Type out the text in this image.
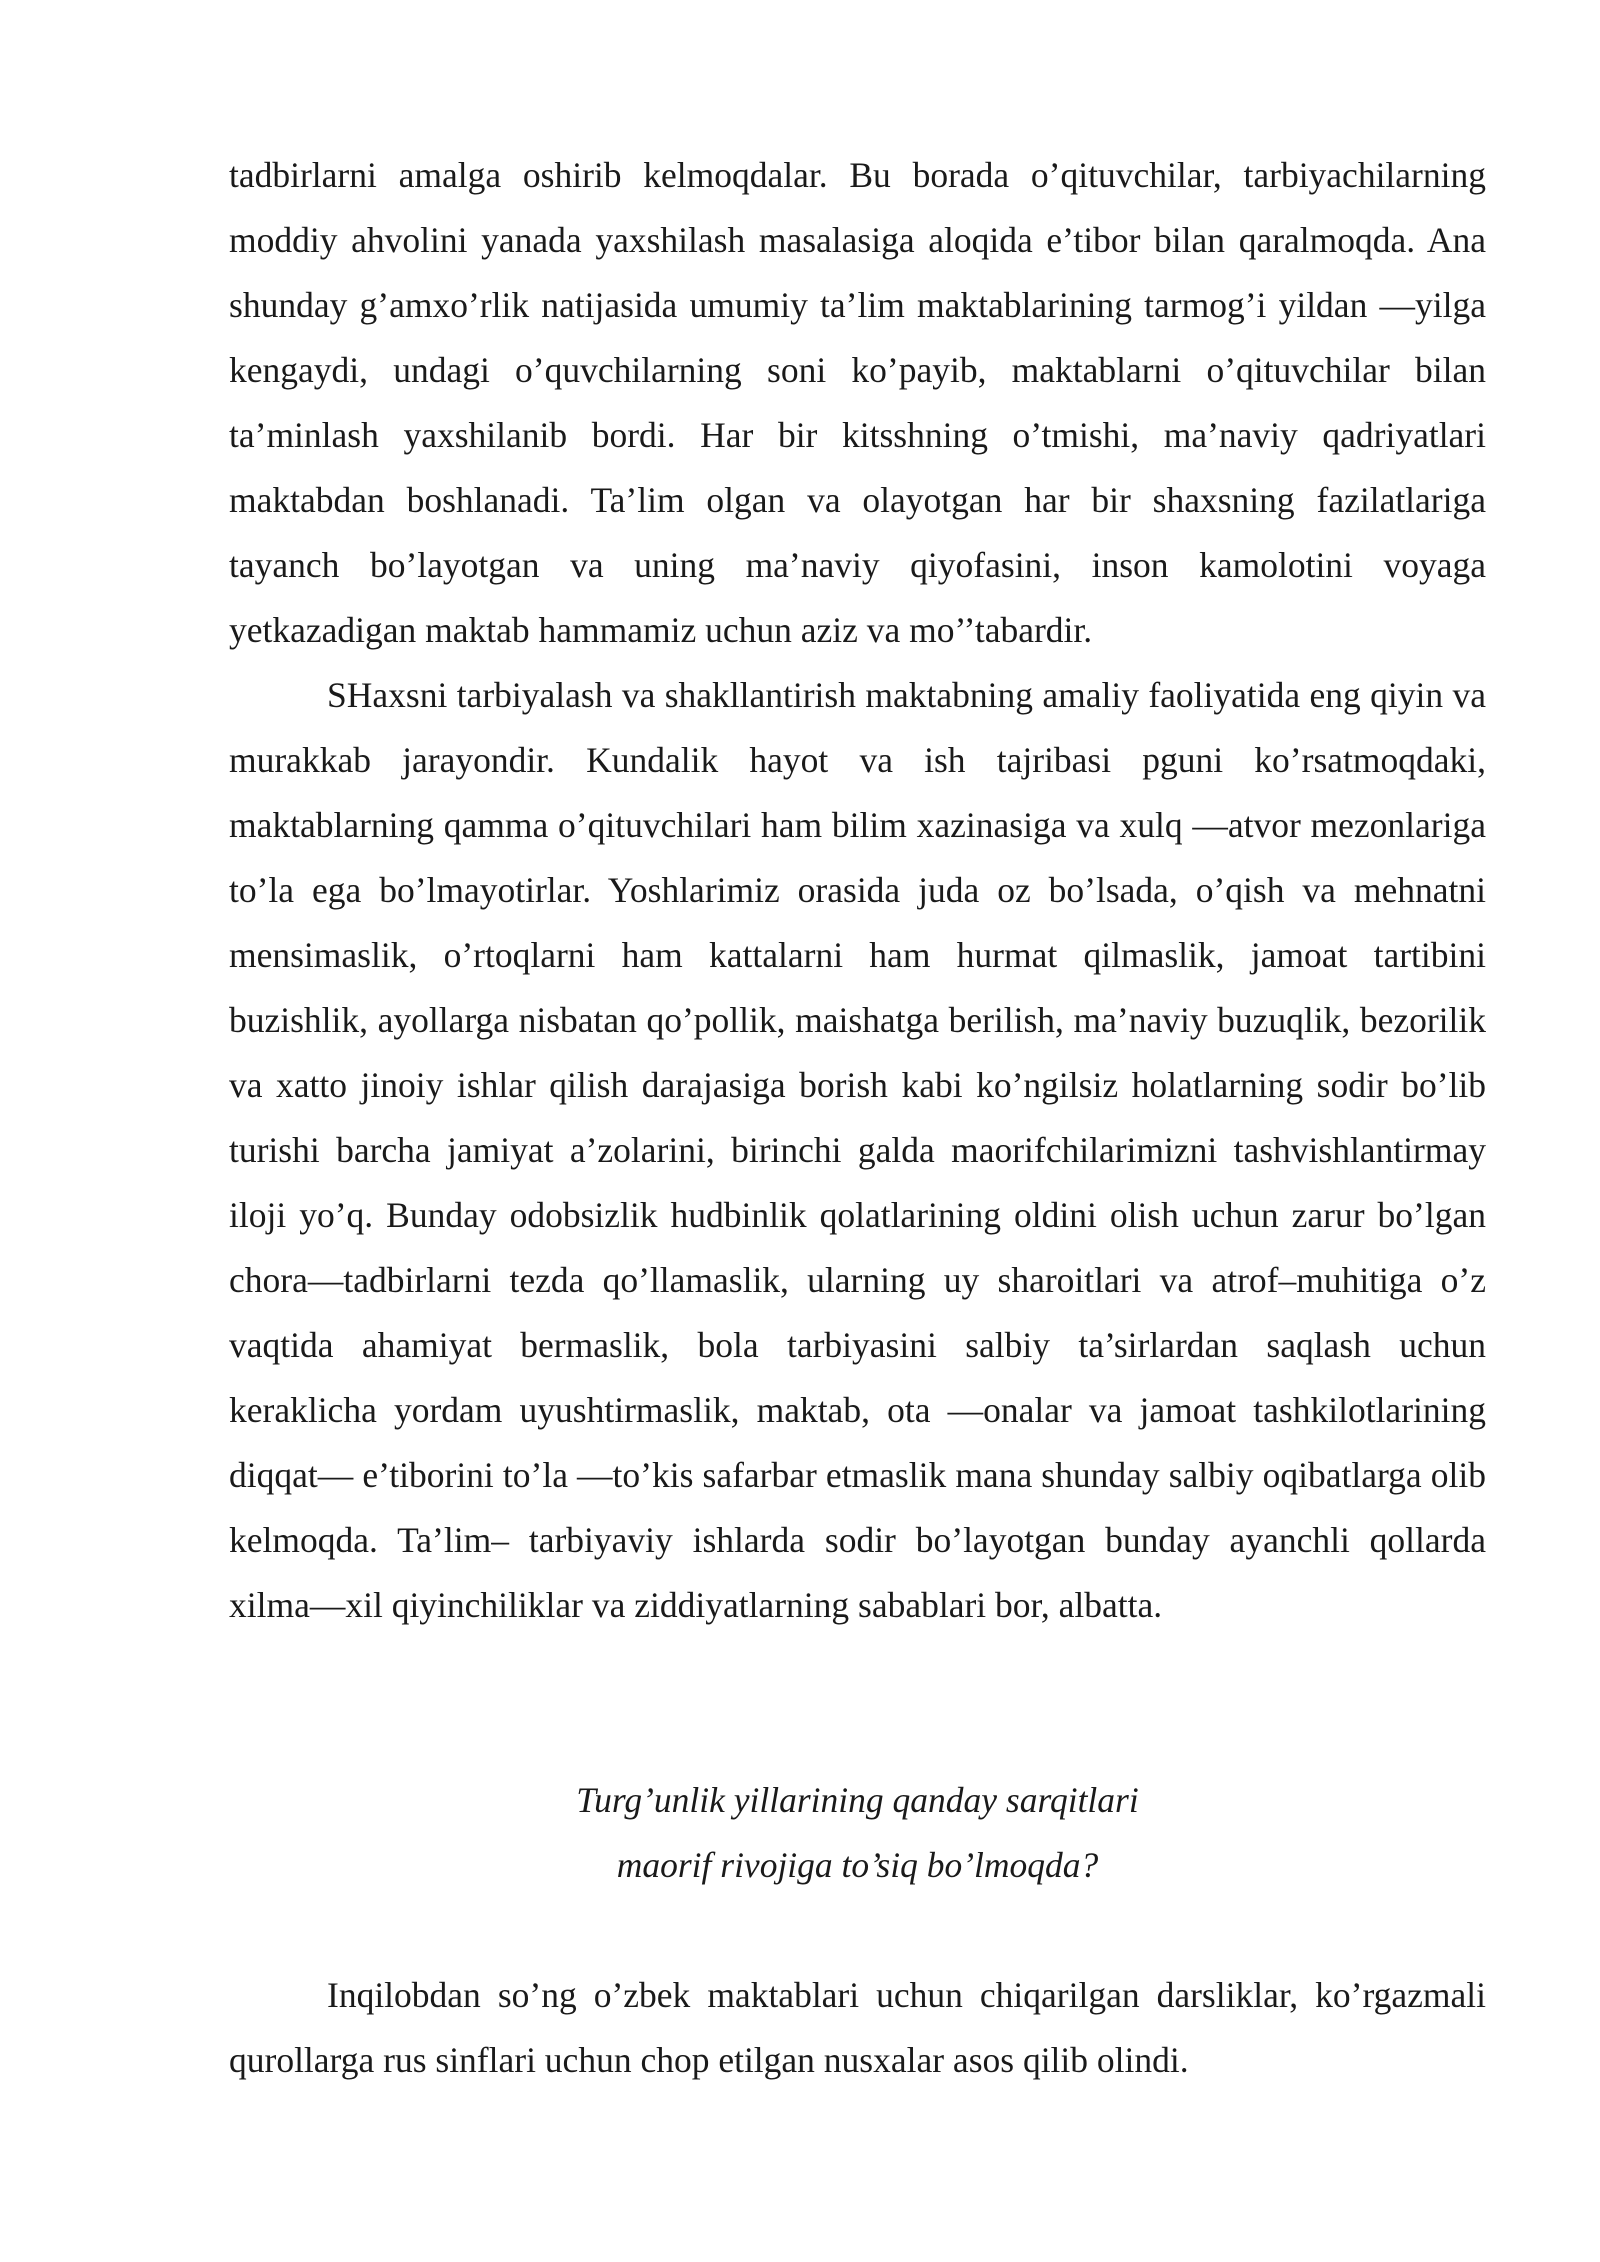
tadbirlarni amalga oshirib kelmoqdalar. Bu borada o’qituvchilar, tarbiyachilarning moddiy ahvolini yanada yaxshilash masalasiga aloqida e’tibor bilan qaralmoqda. Ana shunday g’amxo’rlik natijasida umumiy ta’lim maktablarining tarmog’i yildan —yilga kengaydi, undagi o’quvchilarning soni ko’payib, maktablarni o’qituvchilar bilan ta’minlash yaxshilanib bordi. Har bir kitsshning o’tmishi, ma’naviy qadriyatlari maktabdan boshlanadi. Ta’lim olgan va olayotgan har bir shaxsning fazilatlariga tayanch bo’layotgan va uning ma’naviy qiyofasini, inson kamolotini voyaga yetkazadigan maktab hammamiz uchun aziz va mo’’tabardir.

SHaxsni tarbiyalash va shakllantirish maktabning amaliy faoliyatida eng qiyin va murakkab jarayondir. Kundalik hayot va ish tajribasi pguni ko’rsatmoqdaki, maktablarning qamma o’qituvchilari ham bilim xazinasiga va xulq —atvor mezonlariga to’la ega bo’lmayotirlar. Yoshlarimiz orasida juda oz bo’lsada, o’qish va mehnatni mensimaslik, o’rtoqlarni ham kattalarni ham hurmat qilmaslik, jamoat tartibini buzishlik, ayollarga nisbatan qo’pollik, maishatga berilish, ma’naviy buzuqlik, bezorilik va xatto jinoiy ishlar qilish darajasiga borish kabi ko’ngilsiz holatlarning sodir bo’lib turishi barcha jamiyat a’zolarini, birinchi galda maorifchilarimizni tashvishlantirmay iloji yo’q. Bunday odobsizlik hudbinlik qolatlarining oldini olish uchun zarur bo’lgan chora—tadbirlarni tezda qo’llamaslik, ularning uy sharoitlari va atrof–muhitiga o’z vaqtida ahamiyat bermaslik, bola tarbiyasini salbiy ta’sirlardan saqlash uchun keraklicha yordam uyushtirmaslik, maktab, ota —onalar va jamoat tashkilotlarining diqqat— e’tiborini to’la —to’kis safarbar etmaslik mana shunday salbiy oqibatlarga olib kelmoqda. Ta’lim– tarbiyaviy ishlarda sodir bo’layotgan bunday ayanchli qollarda xilma—xil qiyinchiliklar va ziddiyatlarning sabablari bor, albatta.

Turg’unlik yillarining qanday sarqitlari
maorif rivojiga to’siq bo’lmoqda?

Inqilobdan so’ng o’zbek maktablari uchun chiqarilgan darsliklar, ko’rgazmali qurollarga rus sinflari uchun chop etilgan nusxalar asos qilib olindi.
